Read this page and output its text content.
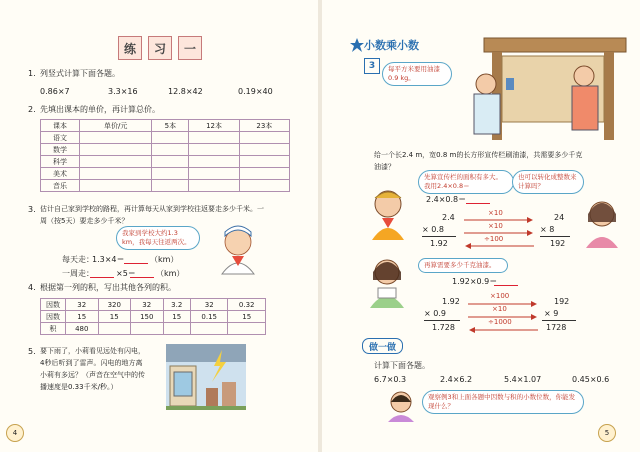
练	习	一
1. 列竖式计算下面各题。
0.86×7	3.3×16	12.8×42	0.19×40
2. 先填出课本的单价，再计算总价。
课本	单价/元	5本	12本	23本
语文				
数学				
科学				
美术				
音乐				
3. 估计自己家到学校的路程，再计算每天从家到学校往返要走多少千米。一
周（按5天）要走多少千米？
我家到学校大约1.3 km，我每天往返两次。
每天走：
1.3×4＝	（km）
一周走：	×5＝	（km）
4. 根据第一列的积，写出其他各列的积。
因数	32	320	32	3.2	32	0.32
因数	15	15	150	15	0.15	15
积	480					
5. 要下雨了，小莉看见远处有闪电，
4秒后听到了雷声。闪电的地方离
小莉有多远？（声音在空气中的传
播速度是0.33千米/秒。）
4
小数乘小数
3	每平方米要用油漆0.9 kg。
给一个长2.4 m，宽0.8 m的长方形宣传栏刷油漆，共需要多少千克
油漆？
先算宣传栏的面积有多大。我用2.4×0.8＝
也可以转化成整数来计算吗？
2.4×0.8＝
2.4
× 0.8
1.92
×10
×10
÷100
24
× 8
192
再算需要多少千克油漆。
1.92×0.9＝
1.92
× 0.9
1.728
×100
×10
÷1000
192
× 9
1728
做一做
计算下面各题。
6.7×0.3	2.4×6.2	5.4×1.07	0.45×0.6
观察例3和上面各题中因数与积的小数位数，你能发现什么？
5
